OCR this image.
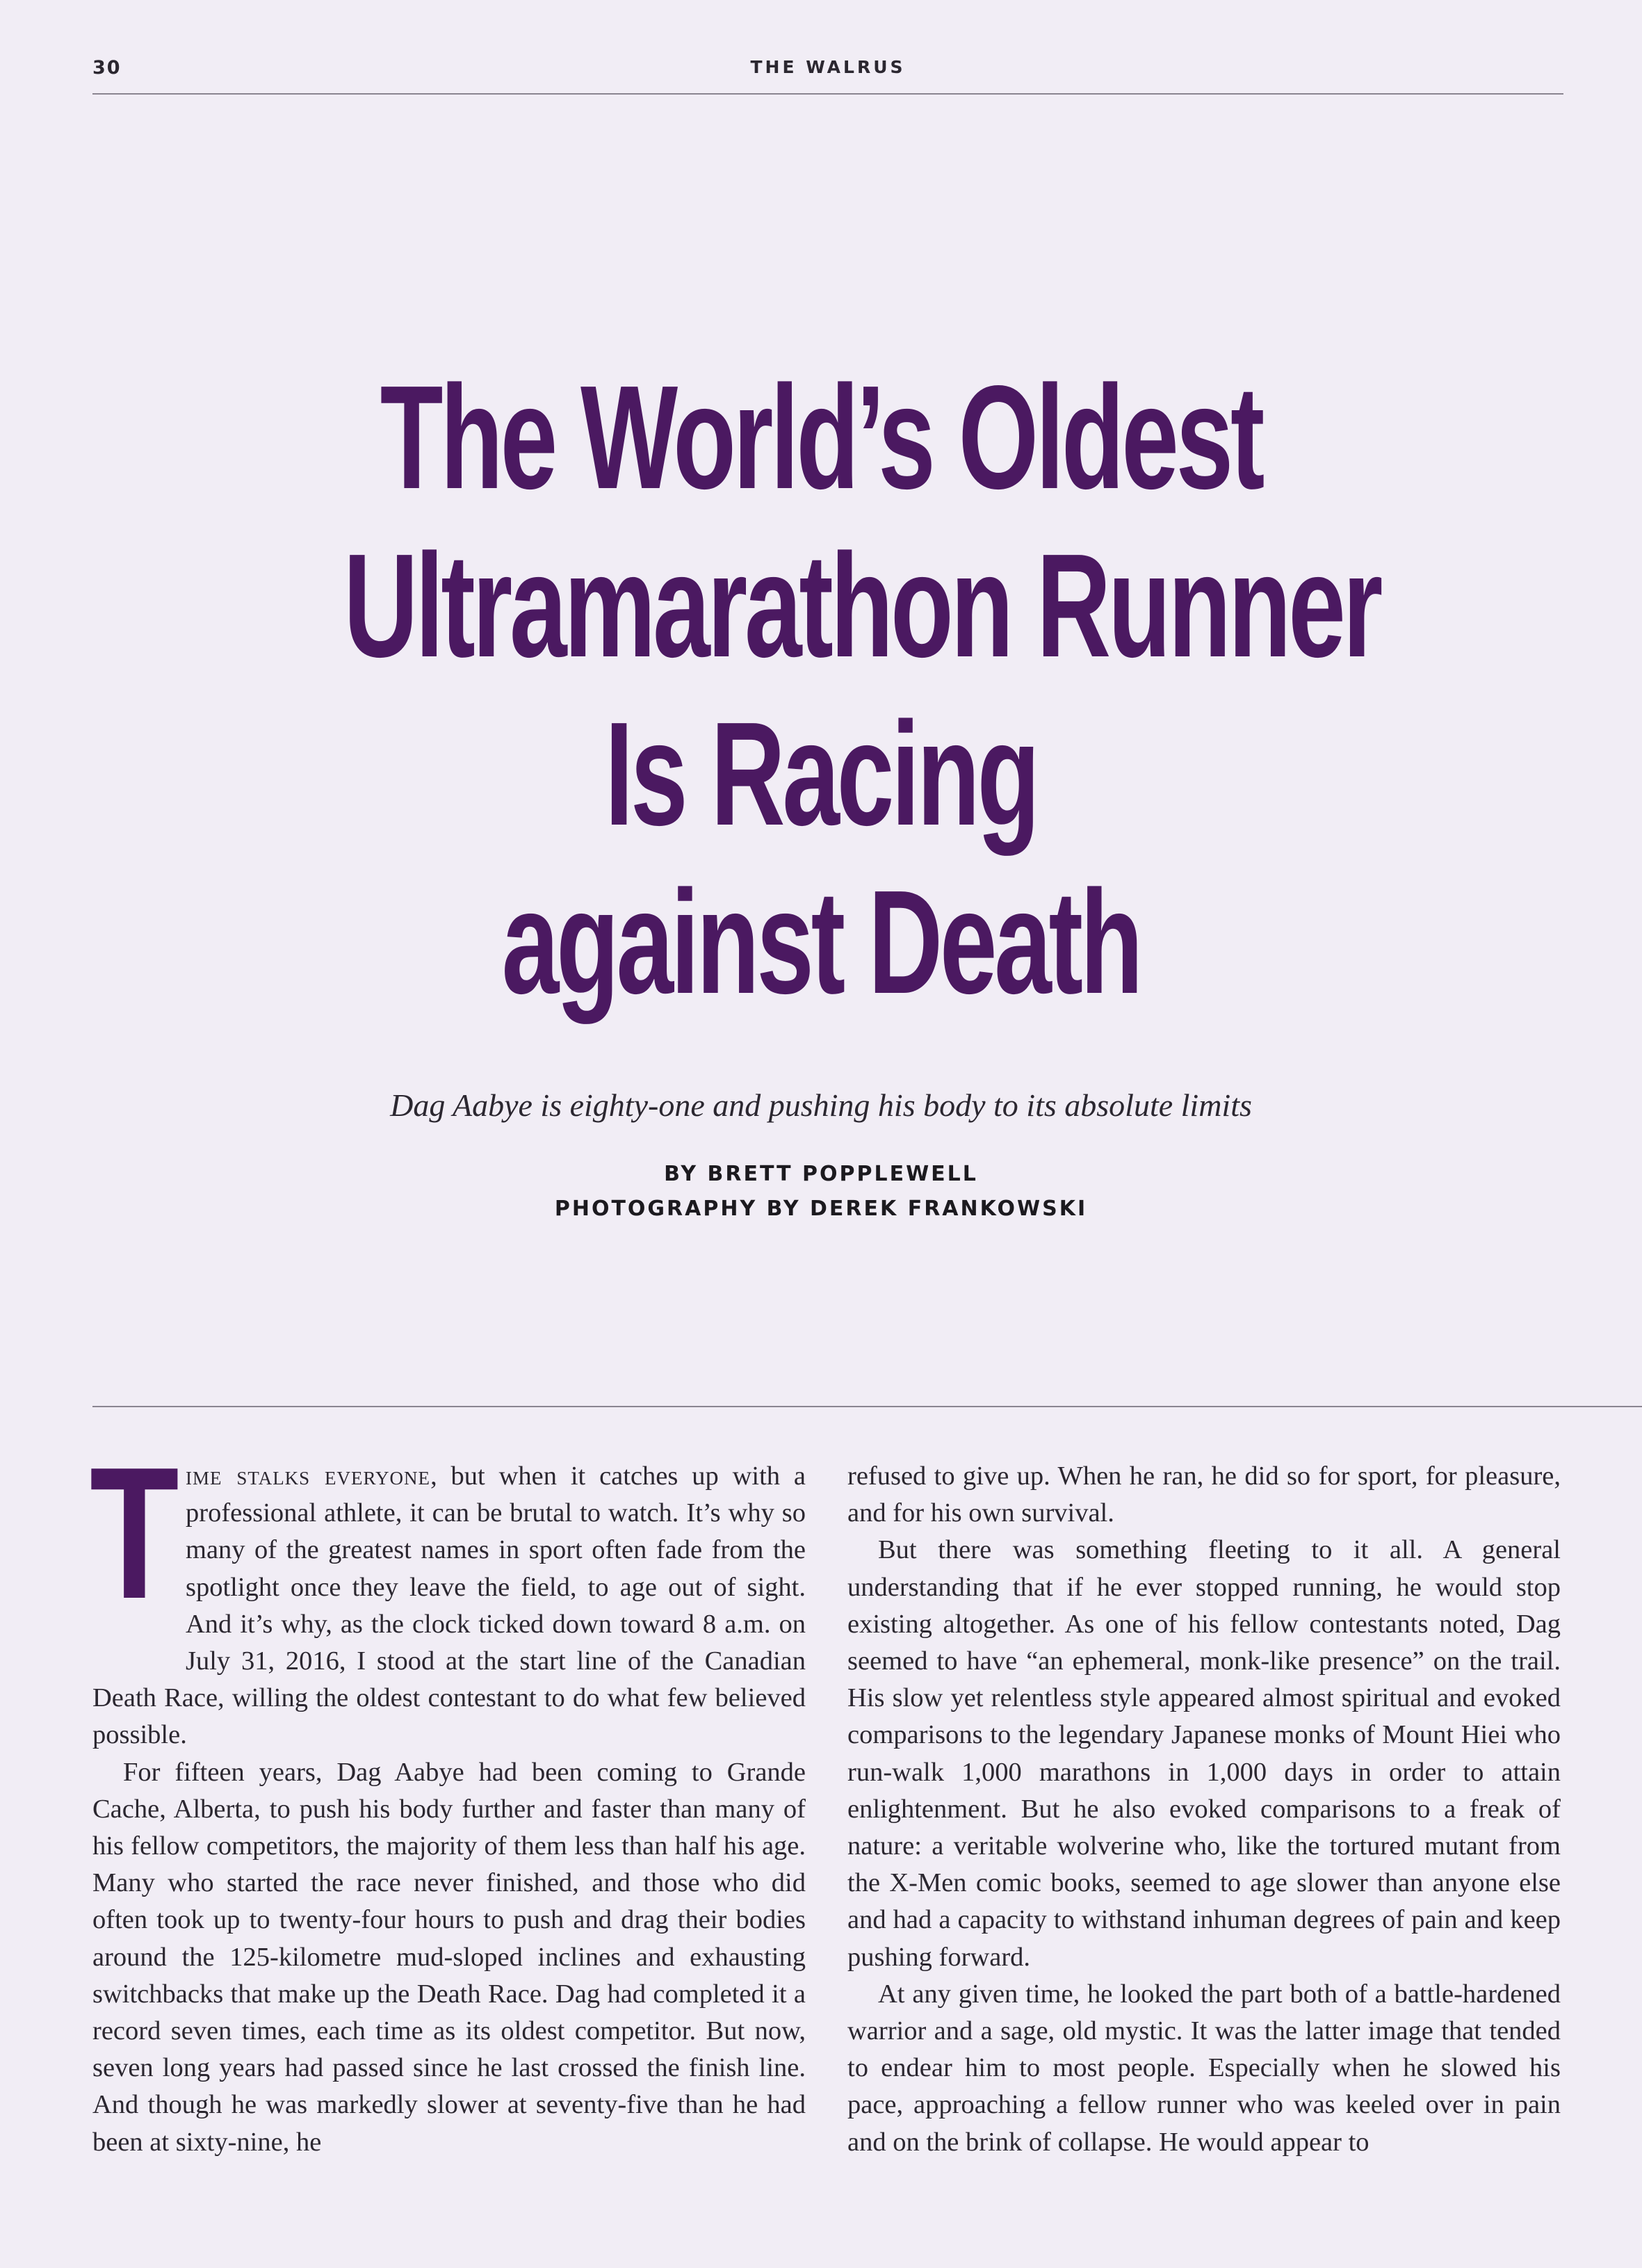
30	THE WALRUS
The World’s Oldest
Ultramarathon Runner
Is Racing
against Death

Dag Aabye is eighty-one and pushing his body to its absolute limits

BY BRETT POPPLEWELL
PHOTOGRAPHY BY DEREK FRANKOWSKI

Time stalks everyone, but when it catches up with a professional athlete, it can be brutal to watch. It’s why so many of the greatest names in sport often fade from the spotlight once they leave the field, to age out of sight. And it’s why, as the clock ticked down toward 8 a.m. on July 31, 2016, I stood at the start line of the Canadian Death Race, willing the oldest contestant to do what few believed possible.

For fifteen years, Dag Aabye had been coming to Grande Cache, Alberta, to push his body further and faster than many of his fellow competitors, the majority of them less than half his age. Many who started the race never finished, and those who did often took up to twenty-four hours to push and drag their bodies around the 125-kilometre mud-sloped inclines and exhausting switchbacks that make up the Death Race. Dag had completed it a record seven times, each time as its oldest competitor. But now, seven long years had passed since he last crossed the finish line. And though he was markedly slower at seventy-five than he had been at sixty-nine, he

refused to give up. When he ran, he did so for sport, for pleasure, and for his own survival.

But there was something fleeting to it all. A general understanding that if he ever stopped running, he would stop existing altogether. As one of his fellow contestants noted, Dag seemed to have “an ephemeral, monk-like presence” on the trail. His slow yet relentless style appeared almost spiritual and evoked comparisons to the legendary Japanese monks of Mount Hiei who run-walk 1,000 marathons in 1,000 days in order to attain enlightenment. But he also evoked comparisons to a freak of nature: a veritable wolverine who, like the tortured mutant from the X-Men comic books, seemed to age slower than anyone else and had a capacity to withstand inhuman degrees of pain and keep pushing forward.

At any given time, he looked the part both of a battle-hardened warrior and a sage, old mystic. It was the latter image that tended to endear him to most people. Especially when he slowed his pace, approaching a fellow runner who was keeled over in pain and on the brink of collapse. He would appear to
